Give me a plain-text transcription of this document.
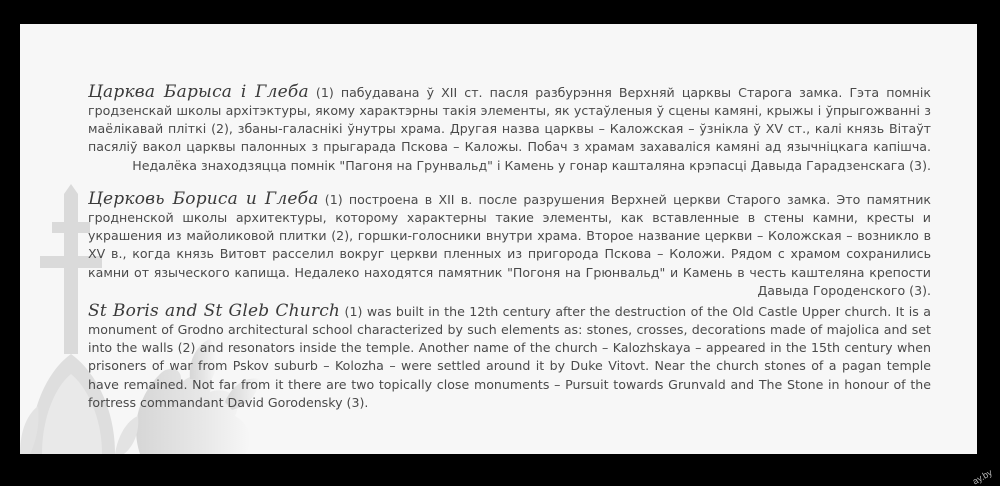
Царква Барыса і Глеба (1) пабудавана ў XII ст. пасля разбурэння Верхняй царквы Старога замка. Гэта помнік гродзенскай школы архітэктуры, якому характэрны такія элементы, як устаўленыя ў сцены камяні, крыжы і ўпрыгожванні з маёлікавай пліткі (2), збаны-галаснікі ўнутры храма. Другая назва царквы – Каложская – ўзнікла ў XV ст., калі князь Вітаўт пасяліў вакол царквы палонных з прыгарада Пскова – Каложы. Побач з храмам захаваліся камяні ад язычніцкага капішча. Недалёка знаходзяцца помнік "Пагоня на Грунвальд" і Камень у гонар кашталяна крэпасці Давыда Гарадзенскага (3).

Церковь Бориса и Глеба (1) построена в XII в. после разрушения Верхней церкви Старого замка. Это памятник гродненской школы архитектуры, которому характерны такие элементы, как вставленные в стены камни, кресты и украшения из майоликовой плитки (2), горшки-голосники внутри храма. Второе название церкви – Коложская – возникло в XV в., когда князь Витовт расселил вокруг церкви пленных из пригорода Пскова – Коложи. Рядом с храмом сохранились камни от языческого капища. Недалеко находятся памятник "Погоня на Грюнвальд" и Камень в честь каштеляна крепости Давыда Городенского (3).

St Boris and St Gleb Church (1) was built in the 12th century after the destruction of the Old Castle Upper church. It is a monument of Grodno architectural school characterized by such elements as: stones, crosses, decorations made of majolica and set into the walls (2) and resonators inside the temple. Another name of the church – Kalozhskaya – appeared in the 15th century when prisoners of war from Pskov suburb – Kolozha – were settled around it by Duke Vitovt. Near the church stones of a pagan temple have remained. Not far from it there are two topically close monuments – Pursuit towards Grunvald and The Stone in honour of the fortress commandant David Gorodensky (3).

ay.by
